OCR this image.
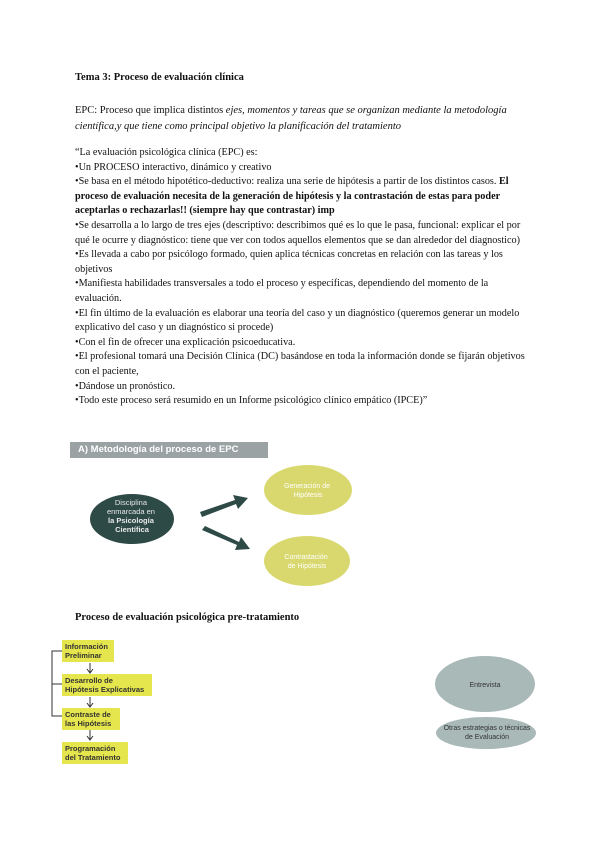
Tema 3: Proceso de evaluación clínica
EPC: Proceso que implica distintos ejes, momentos y tareas que se organizan mediante la metodología científica,y que tiene como principal objetivo la planificación del tratamiento

“La evaluación psicológica clínica (EPC) es:

•Un PROCESO interactivo, dinámico y creativo

•Se basa en el método hipotético-deductivo: realiza una serie de hipótesis a partir de los distintos casos. El proceso de evaluación necesita de la generación de hipótesis y la contrastación de estas para poder aceptarlas o rechazarlas!! (siempre hay que contrastar) imp

•Se desarrolla a lo largo de tres ejes (descriptivo: describimos qué es lo que le pasa, funcional: explicar el por qué le ocurre y diagnóstico: tiene que ver con todos aquellos elementos que se dan alrededor del diagnostico)

•Es llevada a cabo por psicólogo formado, quien aplica técnicas concretas en relación con las tareas y los objetivos

•Manifiesta habilidades transversales a todo el proceso y específicas, dependiendo del momento de la evaluación.

•El fin último de la evaluación es elaborar una teoría del caso y un diagnóstico (queremos generar un modelo explicativo del caso y un diagnóstico si procede)

•Con el fin de ofrecer una explicación psicoeducativa.

•El profesional tomará una Decisión Clínica (DC) basándose en toda la información donde se fijarán objetivos con el paciente,

•Dándose un pronóstico.

•Todo este proceso será resumido en un Informe psicológico clínico empático (IPCE)”

A) Metodología del proceso de EPC
Disciplina enmarcada en la Psicología Científica
Generación de Hipótesis
Contrastación de Hipótesis
Proceso de evaluación psicológica pre-tratamiento
Información
Preliminar
Desarrollo de
Hipótesis Explicativas
Contraste de
las Hipótesis
Programación
del Tratamiento
Entrevista
Otras estrategias o técnicas de Evaluación
